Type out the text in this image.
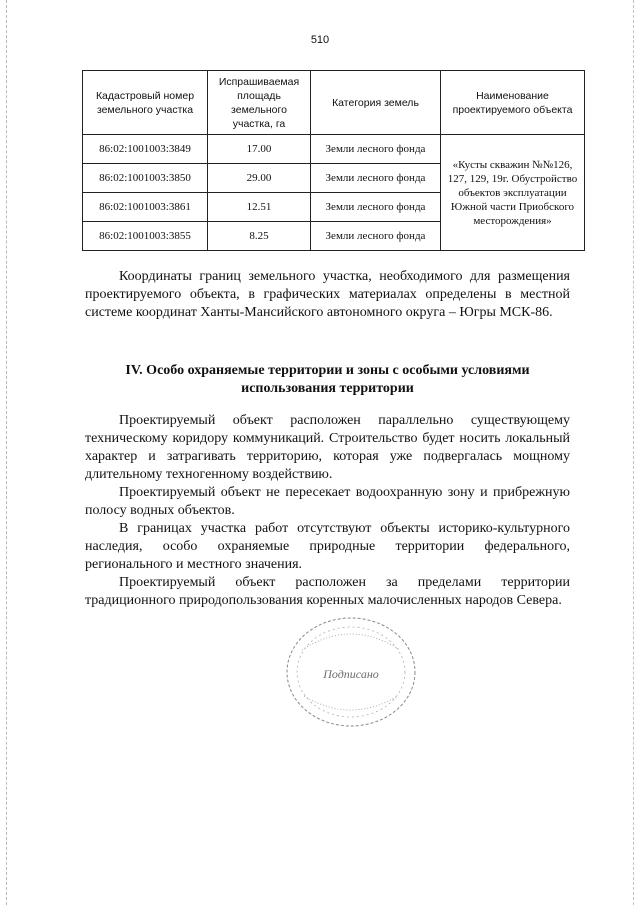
510
Кадастровый номер земельного участка	Испрашиваемая площадь земельного участка, га	Категория земель	Наименование проектируемого объекта
86:02:1001003:3849	17.00	Земли лесного фонда	«Кусты скважин №№126, 127, 129, 19г. Обустройство объектов эксплуатации Южной части Приобского месторождения»
86:02:1001003:3850	29.00	Земли лесного фонда	
86:02:1001003:3861	12.51	Земли лесного фонда	
86:02:1001003:3855	8.25	Земли лесного фонда	

Координаты границ земельного участка, необходимого для размещения проектируемого объекта, в графических материалах определены в местной системе координат Ханты-Мансийского автономного округа – Югры МСК-86.

IV. Особо охраняемые территории и зоны с особыми условиями использования территории

Проектируемый объект расположен параллельно существующему техническому коридору коммуникаций. Строительство будет носить локальный характер и затрагивать территорию, которая уже подвергалась мощному длительному техногенному воздействию.

Проектируемый объект не пересекает водоохранную зону и прибрежную полосу водных объектов.

В границах участка работ отсутствуют объекты историко-культурного наследия, особо охраняемые природные территории федерального, регионального и местного значения.

Проектируемый объект расположен за пределами территории традиционного природопользования коренных малочисленных народов Севера.

Подписано
